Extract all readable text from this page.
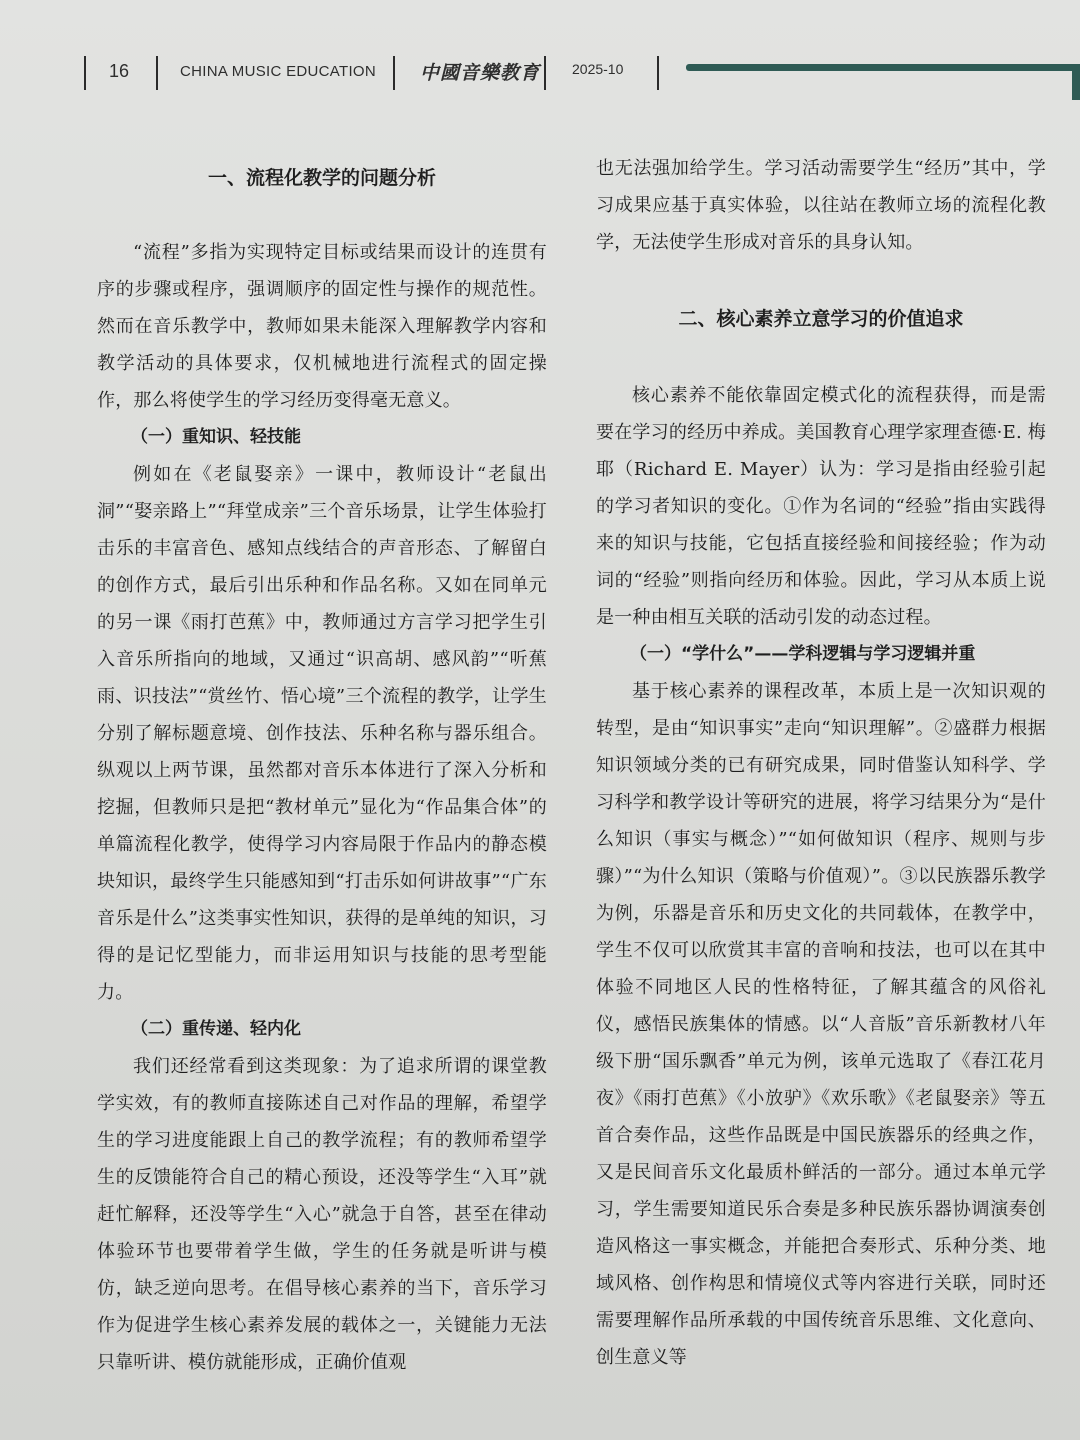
16	CHINA MUSIC EDUCATION 中國音樂教育 2025-10
一、流程化教学的问题分析

“流程”多指为实现特定目标或结果而设计的连贯有序的步骤或程序，强调顺序的固定性与操作的规范性。然而在音乐教学中，教师如果未能深入理解教学内容和教学活动的具体要求，仅机械地进行流程式的固定操作，那么将使学生的学习经历变得毫无意义。

（一）重知识、轻技能

例如在《老鼠娶亲》一课中，教师设计“老鼠出洞”“娶亲路上”“拜堂成亲”三个音乐场景，让学生体验打击乐的丰富音色、感知点线结合的声音形态、了解留白的创作方式，最后引出乐种和作品名称。又如在同单元的另一课《雨打芭蕉》中，教师通过方言学习把学生引入音乐所指向的地域，又通过“识高胡、感风韵”“听蕉雨、识技法”“赏丝竹、悟心境”三个流程的教学，让学生分别了解标题意境、创作技法、乐种名称与器乐组合。纵观以上两节课，虽然都对音乐本体进行了深入分析和挖掘，但教师只是把“教材单元”显化为“作品集合体”的单篇流程化教学，使得学习内容局限于作品内的静态模块知识，最终学生只能感知到“打击乐如何讲故事”“广东音乐是什么”这类事实性知识，获得的是单纯的知识，习得的是记忆型能力，而非运用知识与技能的思考型能力。

（二）重传递、轻内化

我们还经常看到这类现象：为了追求所谓的课堂教学实效，有的教师直接陈述自己对作品的理解，希望学生的学习进度能跟上自己的教学流程；有的教师希望学生的反馈能符合自己的精心预设，还没等学生“入耳”就赶忙解释，还没等学生“入心”就急于自答，甚至在律动体验环节也要带着学生做，学生的任务就是听讲与模仿，缺乏逆向思考。在倡导核心素养的当下，音乐学习作为促进学生核心素养发展的载体之一，关键能力无法只靠听讲、模仿就能形成，正确价值观

也无法强加给学生。学习活动需要学生“经历”其中，学习成果应基于真实体验，以往站在教师立场的流程化教学，无法使学生形成对音乐的具身认知。

二、核心素养立意学习的价值追求

核心素养不能依靠固定模式化的流程获得，而是需要在学习的经历中养成。美国教育心理学家理查德·E. 梅耶（Richard E. Mayer）认为：学习是指由经验引起的学习者知识的变化。①作为名词的“经验”指由实践得来的知识与技能，它包括直接经验和间接经验；作为动词的“经验”则指向经历和体验。因此，学习从本质上说是一种由相互关联的活动引发的动态过程。

（一）“学什么”——学科逻辑与学习逻辑并重

基于核心素养的课程改革，本质上是一次知识观的转型，是由“知识事实”走向“知识理解”。②盛群力根据知识领域分类的已有研究成果，同时借鉴认知科学、学习科学和教学设计等研究的进展，将学习结果分为“是什么知识（事实与概念）”“如何做知识（程序、规则与步骤）”“为什么知识（策略与价值观）”。③以民族器乐教学为例，乐器是音乐和历史文化的共同载体，在教学中，学生不仅可以欣赏其丰富的音响和技法，也可以在其中体验不同地区人民的性格特征，了解其蕴含的风俗礼仪，感悟民族集体的情感。以“人音版”音乐新教材八年级下册“国乐飘香”单元为例，该单元选取了《春江花月夜》《雨打芭蕉》《小放驴》《欢乐歌》《老鼠娶亲》等五首合奏作品，这些作品既是中国民族器乐的经典之作，又是民间音乐文化最质朴鲜活的一部分。通过本单元学习，学生需要知道民乐合奏是多种民族乐器协调演奏创造风格这一事实概念，并能把合奏形式、乐种分类、地域风格、创作构思和情境仪式等内容进行关联，同时还需要理解作品所承载的中国传统音乐思维、文化意向、创生意义等
